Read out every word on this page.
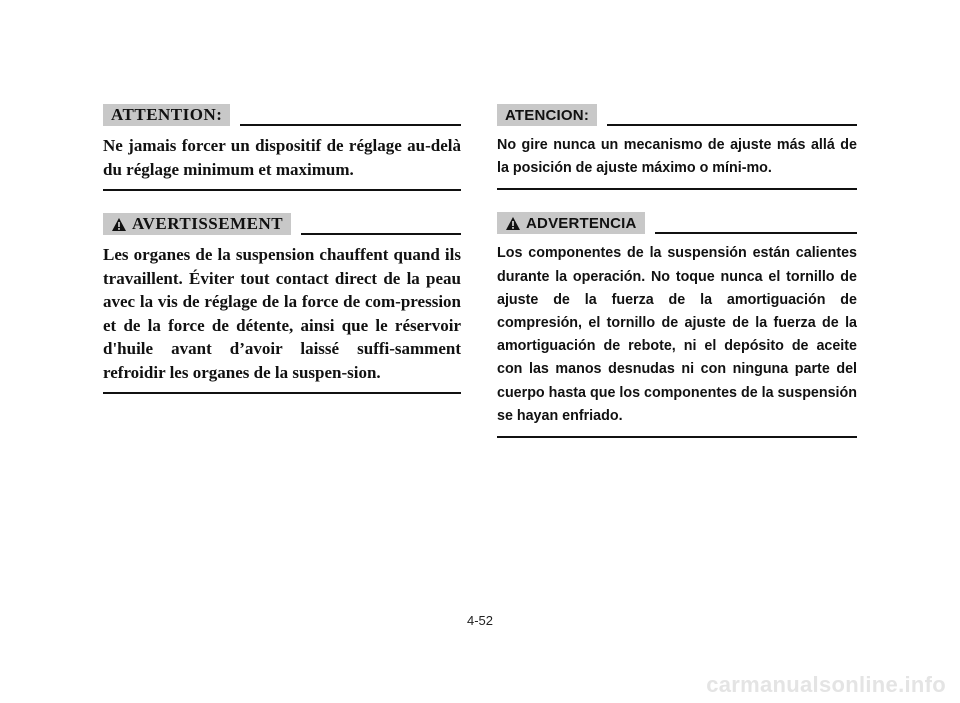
ATTENTION:

Ne jamais forcer un dispositif de réglage au-delà du réglage minimum et maximum.

AVERTISSEMENT

Les organes de la suspension chauffent quand ils travaillent. Éviter tout contact direct de la peau avec la vis de réglage de la force de com-pression et de la force de détente, ainsi que le réservoir d'huile avant d’avoir laissé suffi-samment refroidir les organes de la suspen-sion.

ATENCION:

No gire nunca un mecanismo de ajuste más allá de la posición de ajuste máximo o míni-mo.

ADVERTENCIA

Los componentes de la suspensión están calientes durante la operación. No toque nunca el tornillo de ajuste de la fuerza de la amortiguación de compresión, el tornillo de ajuste de la fuerza de la amortiguación de rebote, ni el depósito de aceite con las manos desnudas ni con ninguna parte del cuerpo hasta que los componentes de la suspensión se hayan enfriado.

4-52
carmanualsonline.info
